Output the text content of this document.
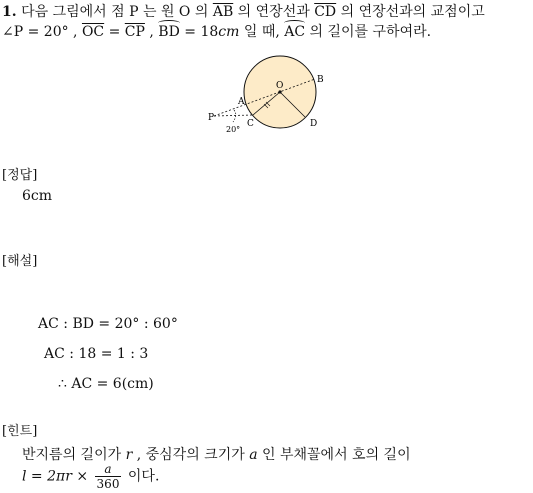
1. 다음 그림에서 점 P 는 원 O 의 $\overline{AB}$ 의 연장선과 $\overline{CD}$ 의 연장선과의 교점이고
∠P = 20° , $\overline{OC} = \overline{CP}$ , BD = 18cm 일 때, AC 의 길이를 구하여라.
O
B
A
P
C	D
20°
[정답]
6cm
[해설]
AC : BD = 20° : 60°
AC : 18 = 1 : 3
∴ AC = 6(cm)
[힌트]
반지름의 길이가 r , 중심각의 크기가 a 인 부채꼴에서 호의 길이
$l = 2\pi r \times \frac{a}{360}$ 이다.
